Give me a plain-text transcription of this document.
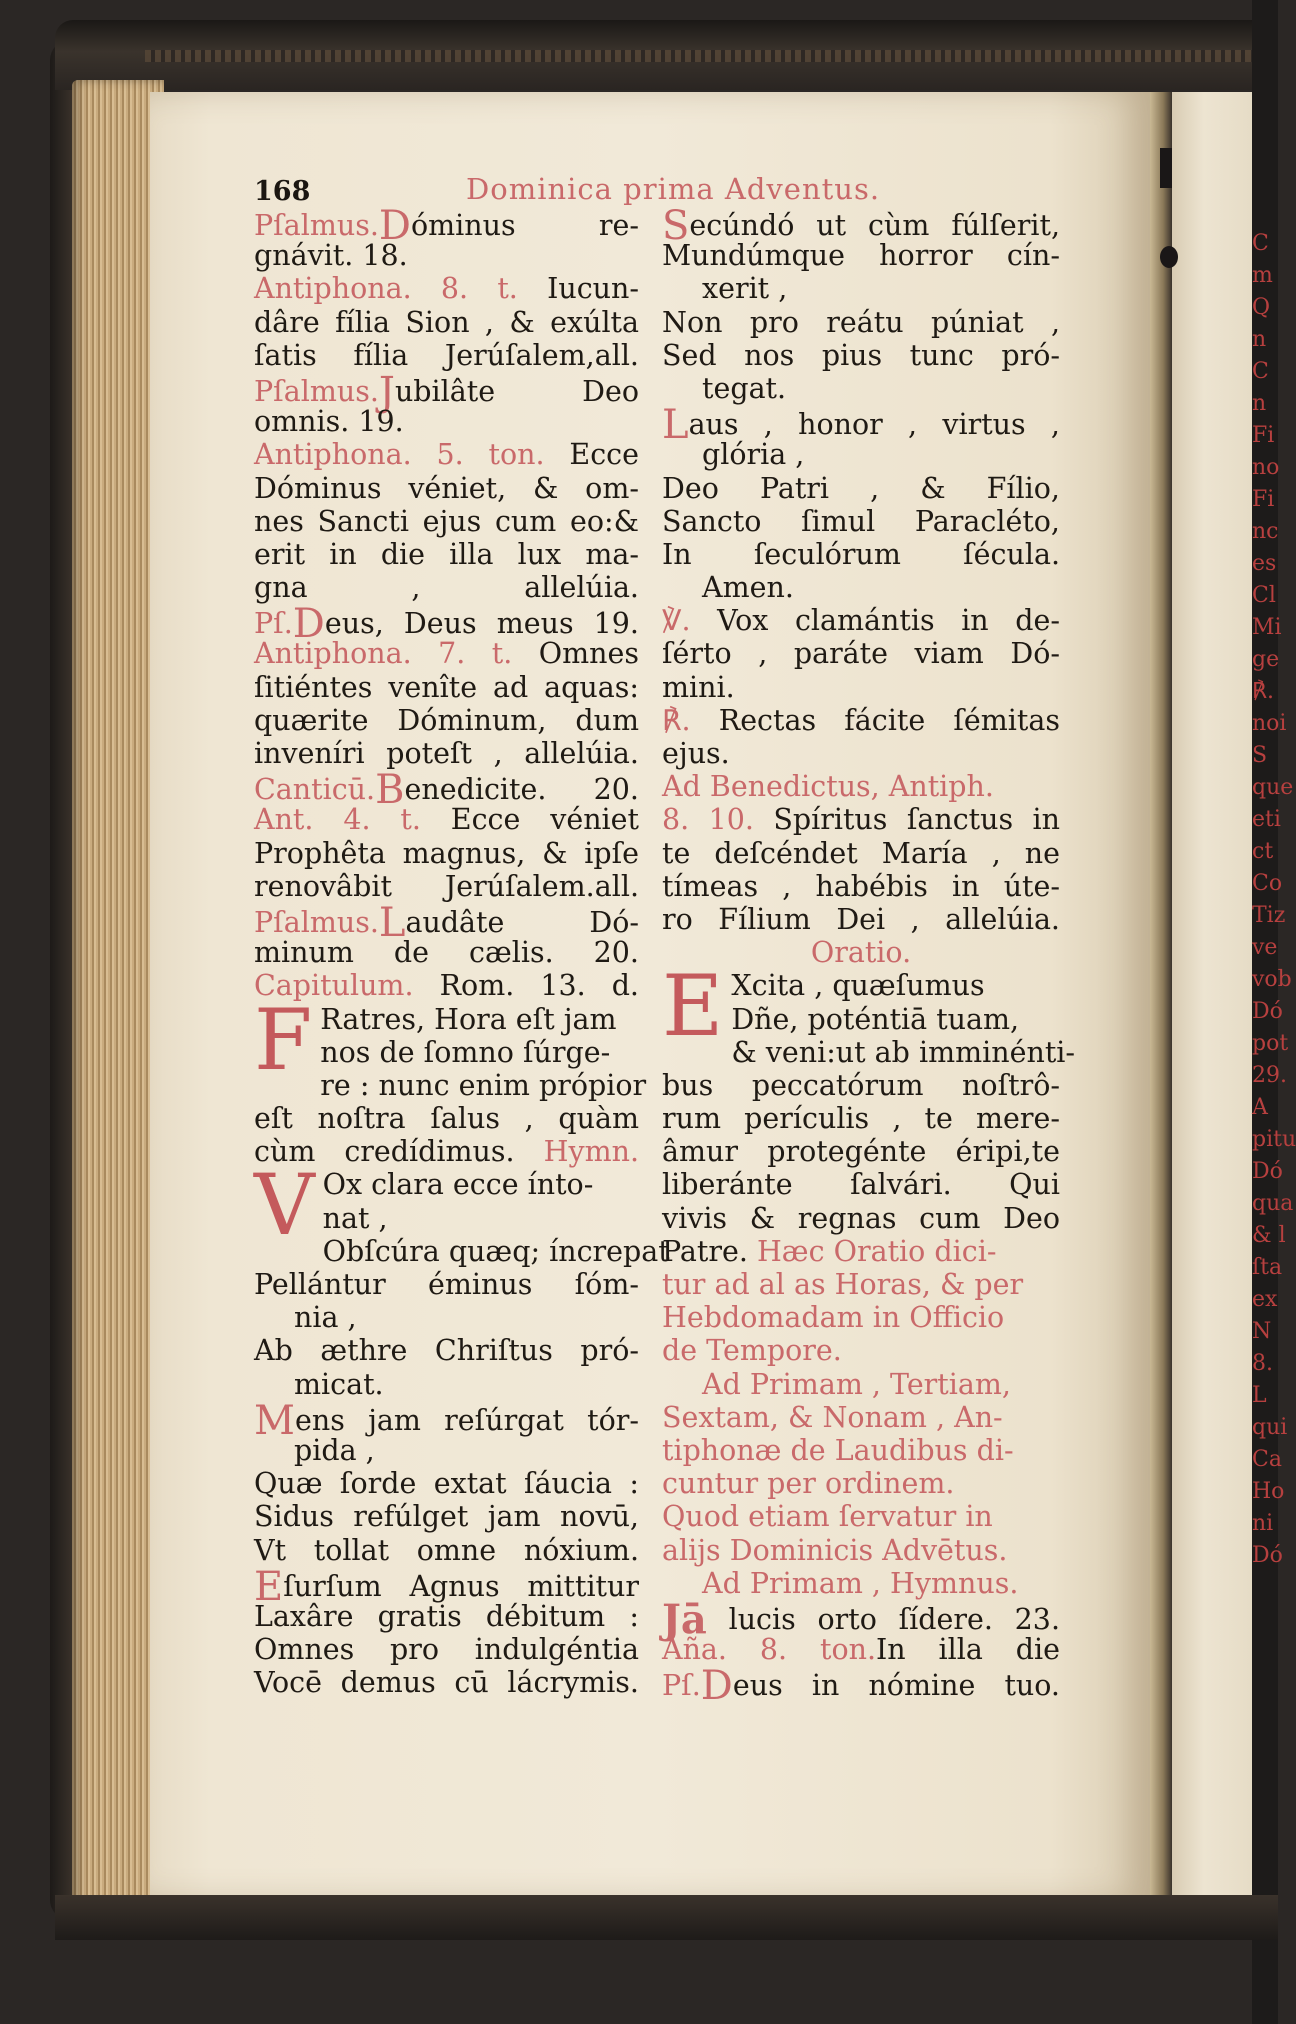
168	Dominica prima Adventus.
Pſalmus.Dóminus re-
gnávit. 18.
Antiphona. 8. t. Iucun-
dâre fília Sion , & exúlta
ſatis fília Jerúſalem,all.
Pſalmus.Jubilâte Deo
omnis. 19.
Antiphona. 5. ton. Ecce
Dóminus véniet, & om-
nes Sancti ejus cum eo:&
erit in die illa lux ma-
gna , allelúia.
Pſ.Deus, Deus meus 19.
Antiphona. 7. t. Omnes
ſitiéntes venîte ad aquas:
quærite Dóminum, dum
inveníri poteſt , allelúia.
Canticū.Benedicite. 20.
Ant. 4. t. Ecce véniet
Prophêta magnus, & ipſe
renovâbit Jerúſalem.all.
Pſalmus.Laudâte Dó-
minum de cælis. 20.
Capitulum. Rom. 13. d.
F Ratres, Hora eſt jam
nos de ſomno ſúrge-
re : nunc enim própior
eſt noſtra ſalus , quàm
cùm credídimus. Hymn.
V Ox clara ecce ínto-
nat ,
Obſcúra quæq; íncrepat
Pellántur éminus ſóm-
nia ,
Ab æthre Chriſtus pró-
micat.
Mens jam reſúrgat tór-
pida ,
Quæ ſorde extat ſáucia :
Sidus refúlget jam novū,
Vt tollat omne nóxium.
Eſurſum Agnus mittitur
Laxâre gratis débitum :
Omnes pro indulgéntia
Vocē demus cū lácrymis.
Secúndó ut cùm fúlſerit,
Mundúmque horror cín-
xerit ,
Non pro reátu púniat ,
Sed nos pius tunc pró-
tegat.
Laus , honor , virtus ,
glória ,
Deo Patri , & Fílio,
Sancto ſimul Paracléto,
In ſeculórum ſécula.
Amen.
℣. Vox clamántis in de-
ſérto , paráte viam Dó-
mini.
℟. Rectas fácite ſémitas
ejus.
Ad Benedictus, Antiph.
8. 10. Spíritus ſanctus in
te deſcéndet María , ne
tímeas , habébis in úte-
ro Fílium Dei , allelúia.
Oratio.
E Xcita , quæſumus
Dñe, poténtiā tuam,
& veni:ut ab imminénti-
bus peccatórum noſtrô-
rum perículis , te mere-
âmur protegénte éripi,te
liberánte ſalvári. Qui
vivis & regnas cum Deo
Patre. Hæc Oratio dici-
tur ad al as Horas, & per
Hebdomadam in Officio
de Tempore.
Ad Primam , Tertiam,
Sextam, & Nonam , An-
tiphonæ de Laudibus di-
cuntur per ordinem.
Quod etiam ſervatur in
alijs Dominicis Advētus.
Ad Primam , Hymnus.
Jā lucis orto ſídere. 23.
Aña. 8. ton.In illa die
Pſ.Deus in nómine tuo.
C
m
Q
n
C
n
Fi
no
Fi
nc
es
Cl
Mi
ge
℟.
noi
S
que
eti
ct
Co
Tiz
ve
vob
Dó
pot
29.
A
pitu
Dó
qua
& l
ſta
ex
N
8.
L
qui
Ca
Ho
ni
Dó
